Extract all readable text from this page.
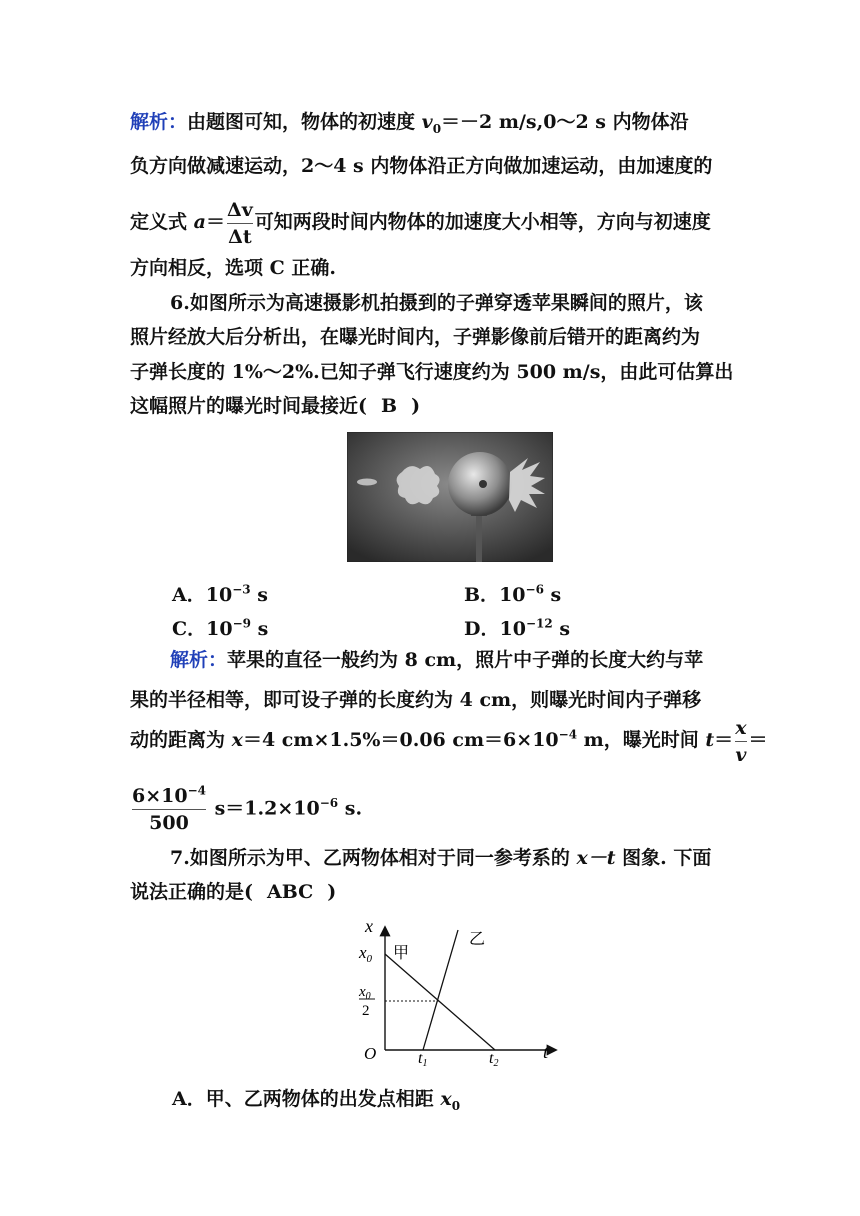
解析：由题图可知，物体的初速度 $v_0=-2$ m/s,0～2 s 内物体沿
负方向做减速运动，2～4 s 内物体沿正方向做加速运动，由加速度的
定义式 $a= \frac{\Delta v}{\Delta t}$ 可知两段时间内物体的加速度大小相等，方向与初速度
方向相反，选项 C 正确.
6.如图所示为高速摄影机拍摄到的子弹穿透苹果瞬间的照片，该
照片经放大后分析出，在曝光时间内，子弹影像前后错开的距离约为
子弹长度的 1%～2%.已知子弹飞行速度约为 500 m/s，由此可估算出
这幅照片的曝光时间最接近( B )
A．$10^{-3}$ s	B．$10^{-6}$ s
C．$10^{-9}$ s	D．$10^{-12}$ s
解析：苹果的直径一般约为 8 cm，照片中子弹的长度大约与苹
果的半径相等，即可设子弹的长度约为 4 cm，则曝光时间内子弹移
动的距离为 x＝4 cm×1.5%＝0.06 $cm=6\times 10^{-4}$ m，曝光时间 $t= \frac{x}{v}$ ＝
$\frac{6\times 10^{-4}}{500} s=1.2\times 10^{-6}$ s.
7.如图所示为甲、乙两物体相对于同一参考系的 x－t 图象. 下面
说法正确的是( ABC )
x
t
O
$x_0$
$x_0$
2
t1	t2
甲
乙
A．甲、乙两物体的出发点相距 $x_0$
